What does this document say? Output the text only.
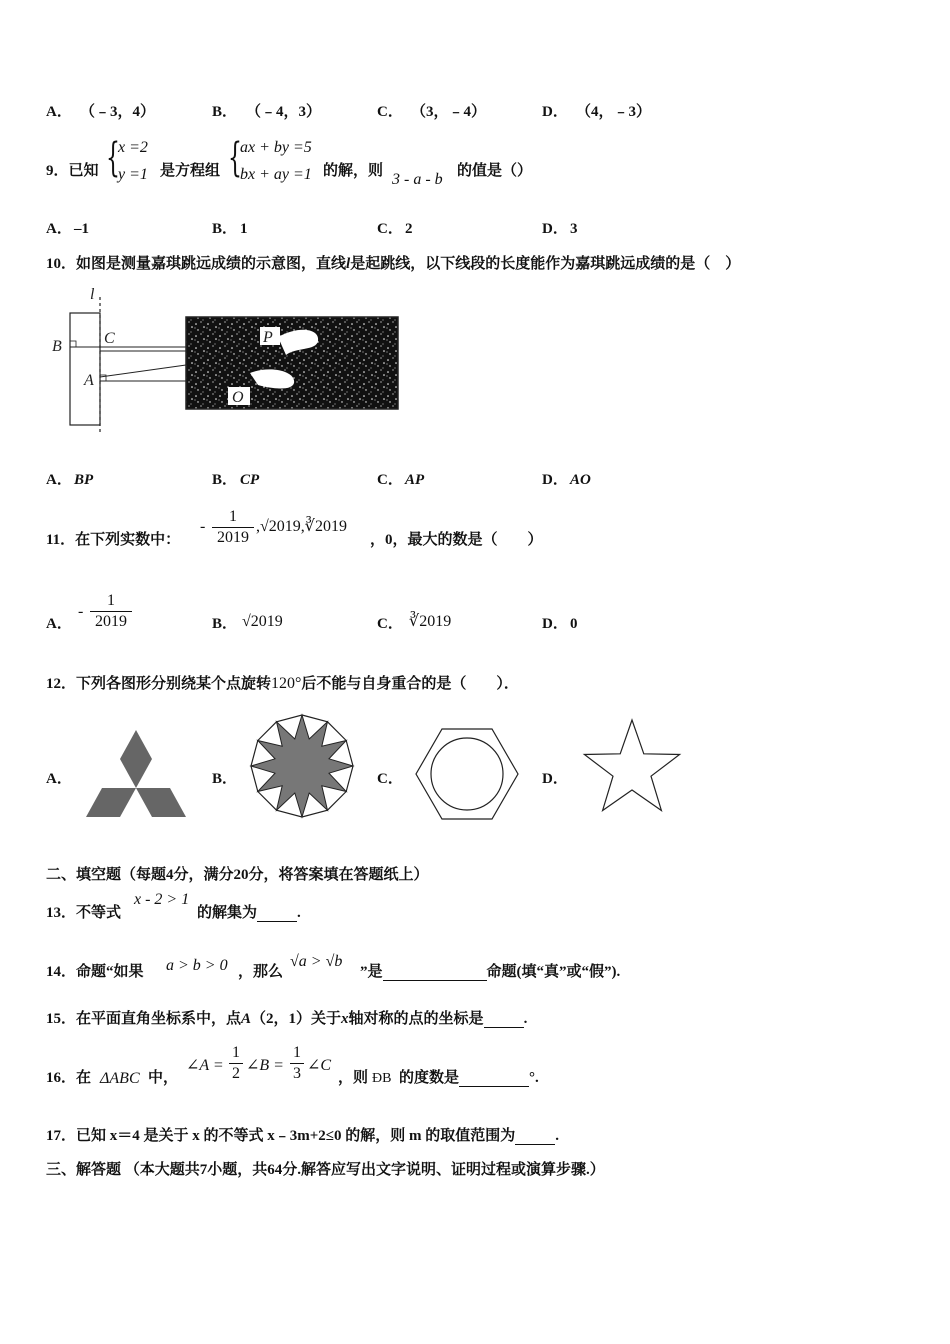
A． （﹣3，4）	B． （﹣4，3）	C． （3，﹣4）	D． （4，﹣3）
9．已知 {
x =2
y =1 是方程组 {
ax + by =5
bx + ay =1 的解，则 3 - a - b 的值是（）
A． –1	B． 1	C． 2	D． 3
10．如图是测量嘉琪跳远成绩的示意图，直线l是起跳线，以下线段的长度能作为嘉琪跳远成绩的是（　）
l
B	C
A
P
O
A． BP	B． CP	C． AP	D． AO
11．在下列实数中：
-
1
2019
,√2019,∛2019
，0，最大的数是（　　）
A．
-
1
2019	B． √2019	C． ∛2019	D． 0
12．下列各图形分别绕某个点旋转120°后不能与自身重合的是（　　）．
A．	B．	C．	D．
二、填空题（每题4分，满分20分，将答案填在答题纸上）
13．不等式
x - 2 > 1
的解集为	.
14．命题“如果 a > b > 0 ，那么
√a > √b
”是	命题(填“真”或“假”).
15．在平面直角坐标系中，点A（2，1）关于x轴对称的点的坐标是	.
16．在 ΔABC 中，
∠A =
1
2 ∠B =
1
3 ∠C
，则 ÐB 的度数是	°.
17．已知 x＝4 是关于 x 的不等式 x﹣3m+2≤0 的解，则 m 的取值范围为	.
三、解答题 （本大题共7小题，共64分.解答应写出文字说明、证明过程或演算步骤.）
